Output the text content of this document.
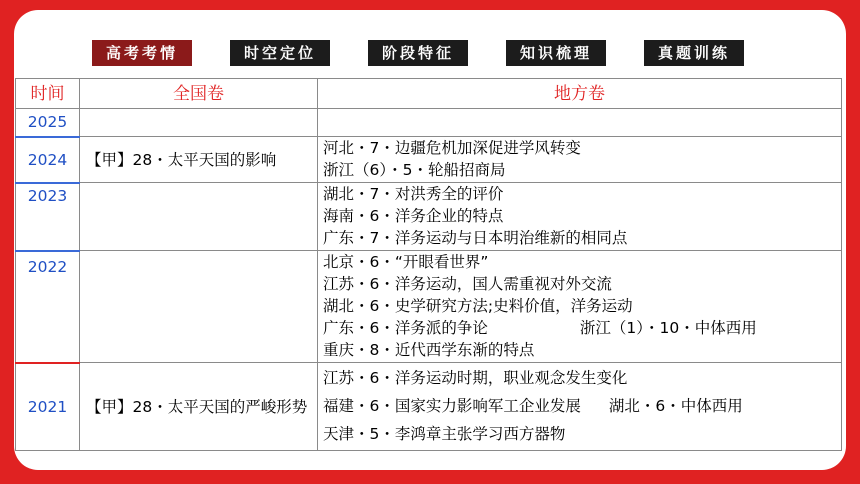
高考考情	时空定位	阶段特征	知识梳理	真题训练
时间	全国卷	地方卷
2025		
2024	【甲】28・太平天国的影响	河北・7・边疆危机加深促进学风转变
浙江（6）・5・轮船招商局

2023		湖北・7・对洪秀全的评价
海南・6・洋务企业的特点
广东・7・洋务运动与日本明治维新的相同点

2022		北京・6・“开眼看世界”
江苏・6・洋务运动，国人需重视对外交流
湖北・6・史学研究方法;史料价值，洋务运动
广东・6・洋务派的争论 浙江（1）・10・中体西用
重庆・8・近代西学东渐的特点

2021	【甲】28・太平天国的严峻形势	江苏・6・洋务运动时期，职业观念发生变化
福建・6・国家实力影响军工企业发展 湖北・6・中体西用
天津・5・李鸿章主张学习西方器物
